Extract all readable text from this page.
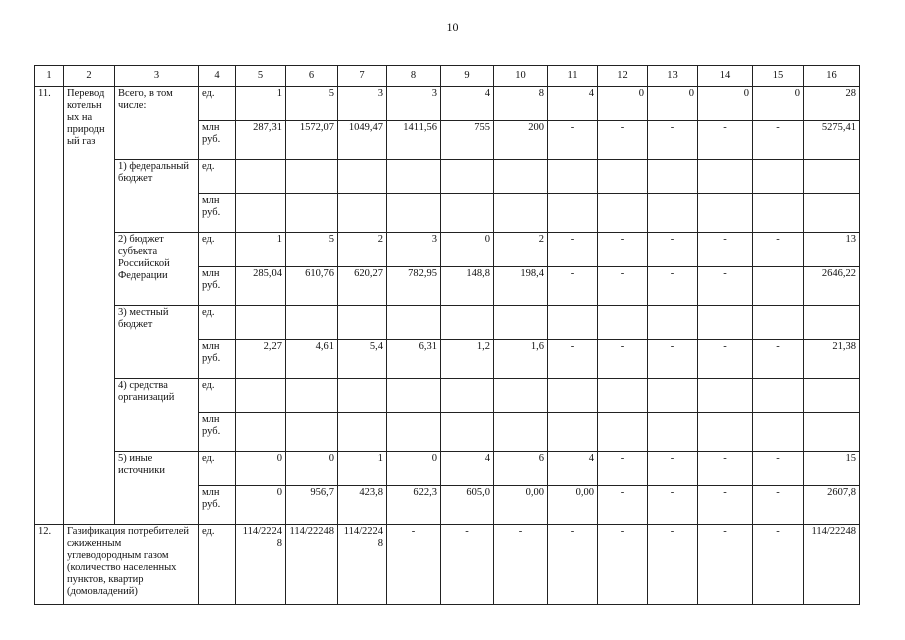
10
1	2	3	4	5	6	7	8	9	10	11	12	13	14	15	16
11.	Перевод котельн ых на природн ый газ	Всего, в том числе:	ед.	1	5	3	3	4	8	4	0	0	0	0	28
			млн руб.	287,31	1572,07	1049,47	1411,56	755	200	-	-	-	-	-	5275,41
		1) федеральный бюджет	ед.												
			млн руб.												
		2) бюджет субъекта Российской Федерации	ед.	1	5	2	3	0	2	-	-	-	-	-	13
			млн руб.	285,04	610,76	620,27	782,95	148,8	198,4	-	-	-	-		2646,22
		3) местный бюджет	ед.												
			млн руб.	2,27	4,61	5,4	6,31	1,2	1,6	-	-	-	-	-	21,38
		4) средства организаций	ед.												
			млн руб.												
		5) иные источники	ед.	0	0	1	0	4	6	4	-	-	-	-	15
			млн руб.	0	956,7	423,8	622,3	605,0	0,00	0,00	-	-	-	-	2607,8
12.	Газификация потребителей сжиженным углеводородным газом (количество населенных пунктов, квартир (домовладений)		ед.	114/22248	114/22248	114/22248	-	-	-	-	-	-	-	-	114/22248
